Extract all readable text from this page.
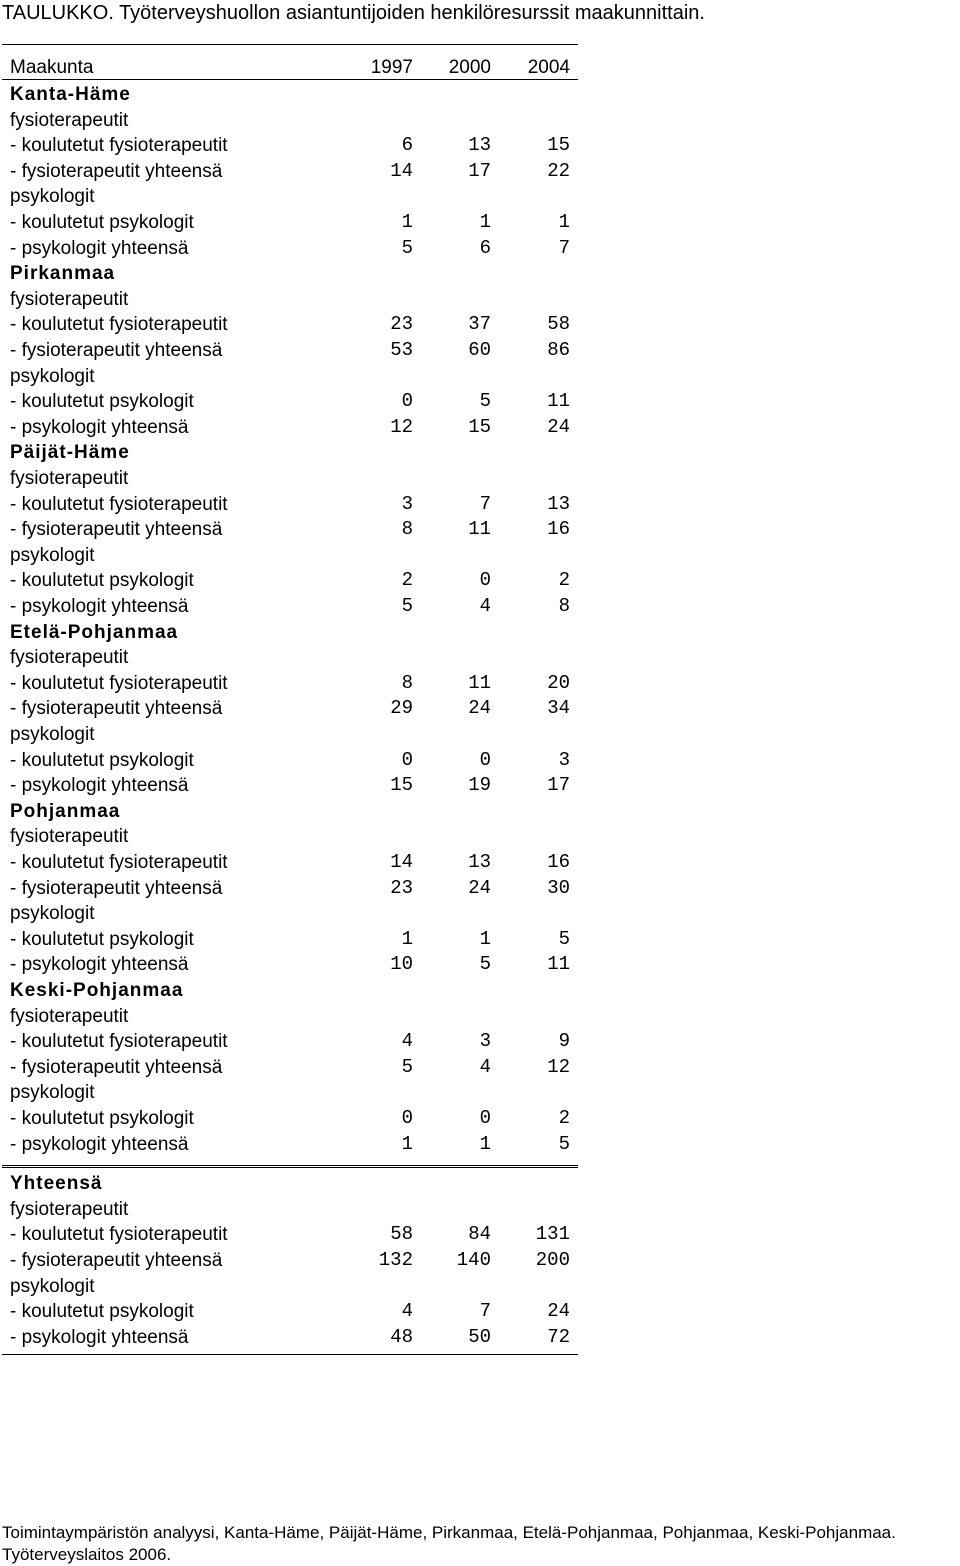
TAULUKKO. Työterveyshuollon asiantuntijoiden henkilöresurssit maakunnittain.
Maakunta	1997	2000	2004
Kanta-Häme
fysioterapeutit
- koulutetut fysioterapeutit	6	13	15
- fysioterapeutit yhteensä	14	17	22
psykologit
- koulutetut psykologit	1	1	1
- psykologit yhteensä	5	6	7
Pirkanmaa
fysioterapeutit
- koulutetut fysioterapeutit	23	37	58
- fysioterapeutit yhteensä	53	60	86
psykologit
- koulutetut psykologit	0	5	11
- psykologit yhteensä	12	15	24
Päijät-Häme
fysioterapeutit
- koulutetut fysioterapeutit	3	7	13
- fysioterapeutit yhteensä	8	11	16
psykologit
- koulutetut psykologit	2	0	2
- psykologit yhteensä	5	4	8
Etelä-Pohjanmaa
fysioterapeutit
- koulutetut fysioterapeutit	8	11	20
- fysioterapeutit yhteensä	29	24	34
psykologit
- koulutetut psykologit	0	0	3
- psykologit yhteensä	15	19	17
Pohjanmaa
fysioterapeutit
- koulutetut fysioterapeutit	14	13	16
- fysioterapeutit yhteensä	23	24	30
psykologit
- koulutetut psykologit	1	1	5
- psykologit yhteensä	10	5	11
Keski-Pohjanmaa
fysioterapeutit
- koulutetut fysioterapeutit	4	3	9
- fysioterapeutit yhteensä	5	4	12
psykologit
- koulutetut psykologit	0	0	2
- psykologit yhteensä	1	1	5
Yhteensä
fysioterapeutit
- koulutetut fysioterapeutit	58	84	131
- fysioterapeutit yhteensä	132	140	200
psykologit
- koulutetut psykologit	4	7	24
- psykologit yhteensä	48	50	72
Toimintaympäristön analyysi, Kanta-Häme, Päijät-Häme, Pirkanmaa, Etelä-Pohjanmaa, Pohjanmaa, Keski-Pohjanmaa.
Työterveyslaitos 2006.
